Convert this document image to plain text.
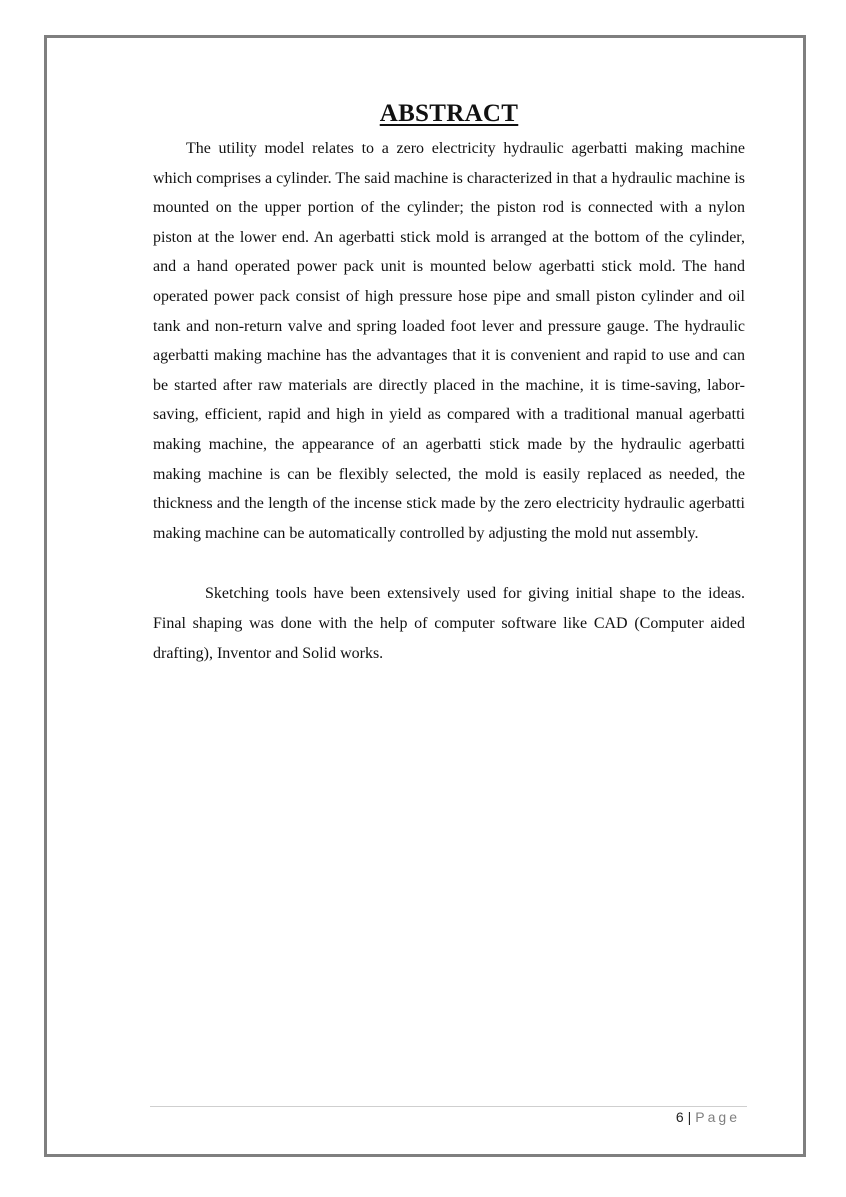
ABSTRACT

The utility model relates to a zero electricity hydraulic agerbatti making machine which comprises a cylinder. The said machine is characterized in that a hydraulic machine is mounted on the upper portion of the cylinder; the piston rod is connected with a nylon piston at the lower end. An agerbatti stick mold is arranged at the bottom of the cylinder, and a hand operated power pack unit is mounted below agerbatti stick mold. The hand operated power pack consist of high pressure hose pipe and small piston cylinder and oil tank and non-return valve and spring loaded foot lever and pressure gauge. The hydraulic agerbatti making machine has the advantages that it is convenient and rapid to use and can be started after raw materials are directly placed in the machine, it is time-saving, labor-saving, efficient, rapid and high in yield as compared with a traditional manual agerbatti making machine, the appearance of an agerbatti stick made by the hydraulic agerbatti making machine is can be flexibly selected, the mold is easily replaced as needed, the thickness and the length of the incense stick made by the zero electricity hydraulic agerbatti making machine can be automatically controlled by adjusting the mold nut assembly.

Sketching tools have been extensively used for giving initial shape to the ideas. Final shaping was done with the help of computer software like CAD (Computer aided drafting), Inventor and Solid works.

6 | Page
